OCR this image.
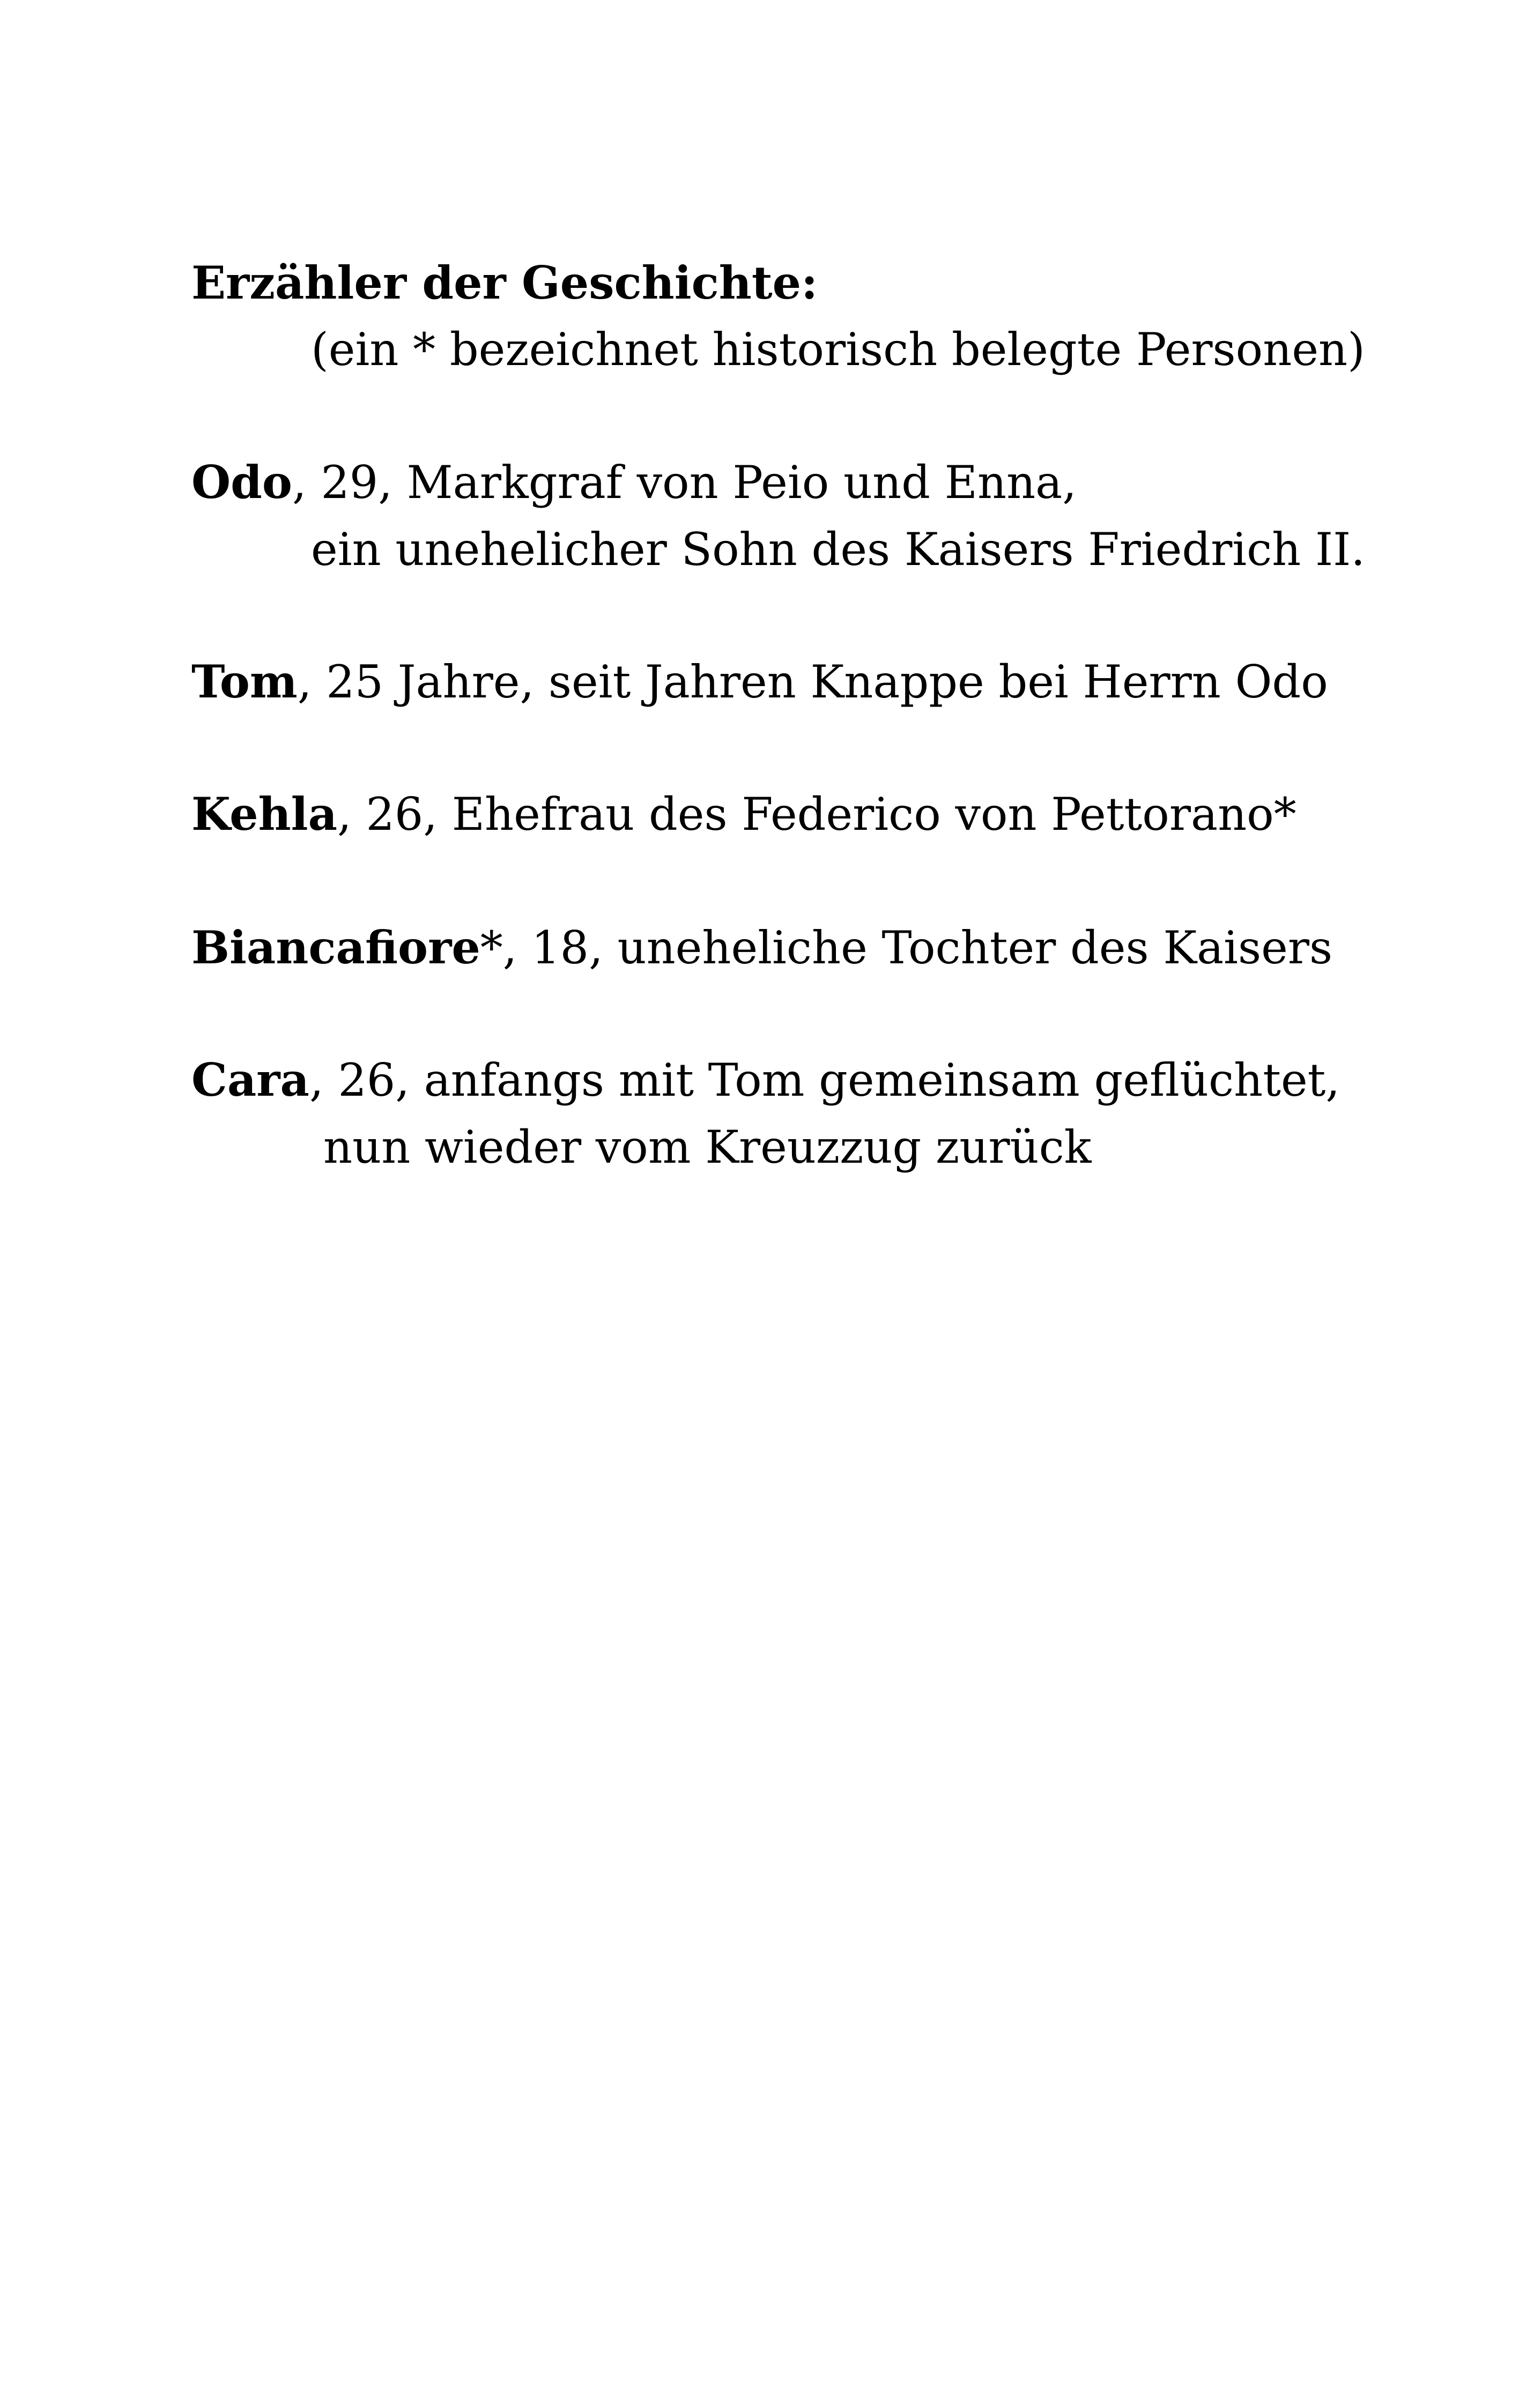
Erzähler der Geschichte:

(ein * bezeichnet historisch belegte Personen)

Odo, 29, Markgraf von Peio und Enna,

ein unehelicher Sohn des Kaisers Friedrich II.

Tom, 25 Jahre, seit Jahren Knappe bei Herrn Odo

Kehla, 26, Ehefrau des Federico von Pettorano*

Biancafiore*, 18, uneheliche Tochter des Kaisers

Cara, 26, anfangs mit Tom gemeinsam geflüchtet,

nun wieder vom Kreuzzug zurück
